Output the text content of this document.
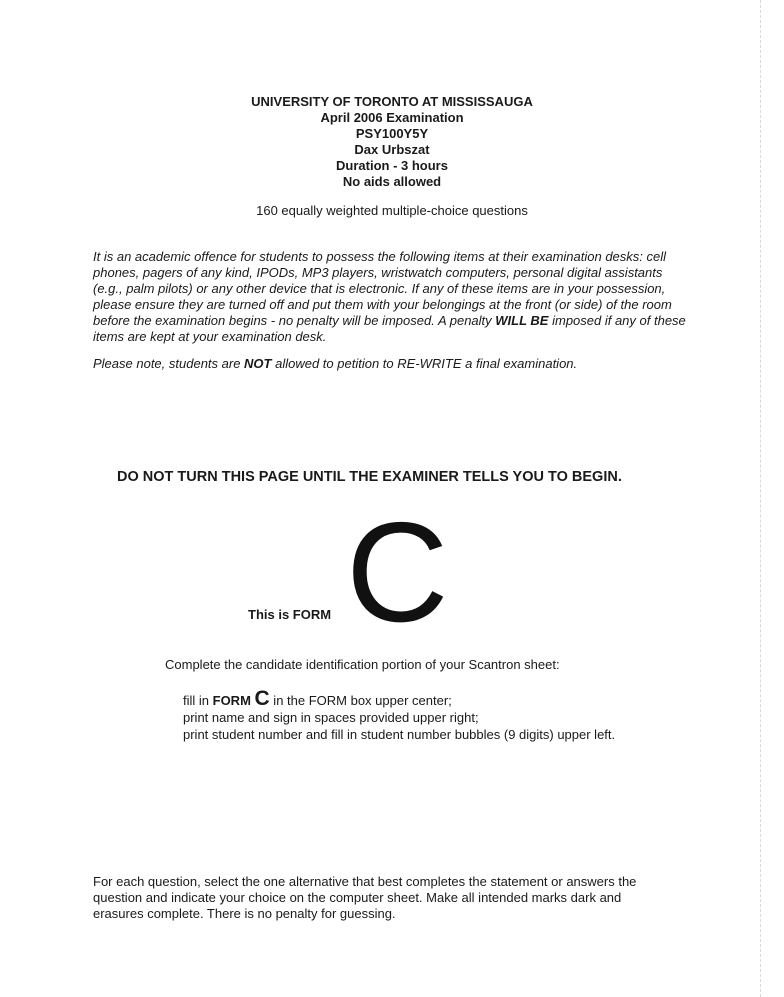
UNIVERSITY OF TORONTO AT MISSISSAUGA
April 2006 Examination
PSY100Y5Y
Dax Urbszat
Duration - 3 hours
No aids allowed
160 equally weighted multiple-choice questions

It is an academic offence for students to possess the following items at their examination desks: cell phones, pagers of any kind, IPODs, MP3 players, wristwatch computers, personal digital assistants (e.g., palm pilots) or any other device that is electronic. If any of these items are in your possession, please ensure they are turned off and put them with your belongings at the front (or side) of the room before the examination begins - no penalty will be imposed. A penalty WILL BE imposed if any of these items are kept at your examination desk.

Please note, students are NOT allowed to petition to RE-WRITE a final examination.

DO NOT TURN THIS PAGE UNTIL THE EXAMINER TELLS YOU TO BEGIN.
This is FORM C
Complete the candidate identification portion of your Scantron sheet:
fill in FORM C in the FORM box upper center;
print name and sign in spaces provided upper right;
print student number and fill in student number bubbles (9 digits) upper left.

For each question, select the one alternative that best completes the statement or answers the question and indicate your choice on the computer sheet. Make all intended marks dark and erasures complete. There is no penalty for guessing.
